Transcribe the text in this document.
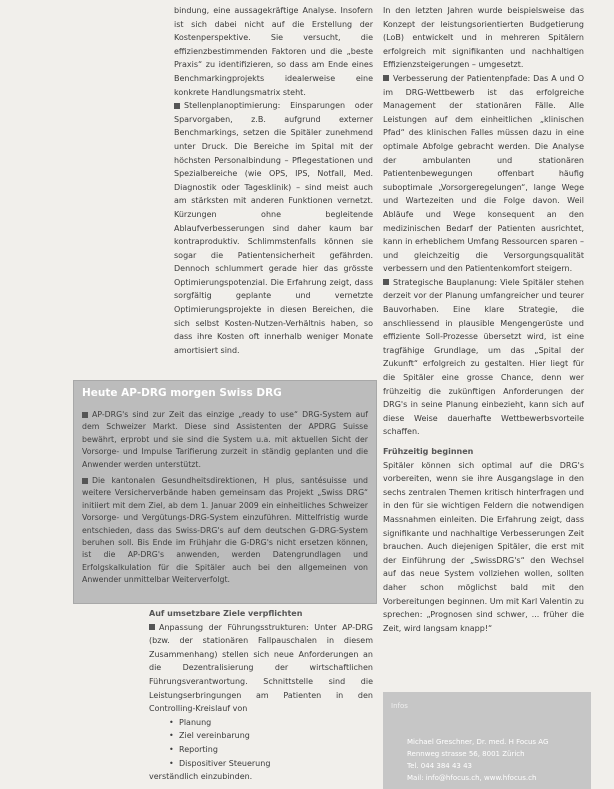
bindung, eine aussagekräftige Analyse. Insofern ist sich dabei nicht auf die Erstellung der Kostenperspektive. Sie versucht, die effizienzbestimmenden Faktoren und die „beste Praxis“ zu identifizieren, so dass am Ende eines Benchmarkingprojekts idealerweise eine konkrete Handlungsmatrix steht.

Stellenplanoptimierung: Einsparungen oder Sparvorgaben, z.B. aufgrund externer Benchmarkings, setzen die Spitäler zunehmend unter Druck. Die Bereiche im Spital mit der höchsten Personalbindung – Pflegestationen und Spezialbereiche (wie OPS, IPS, Notfall, Med. Diagnostik oder Tagesklinik) – sind meist auch am stärksten mit anderen Funktionen vernetzt. Kürzungen ohne begleitende Ablaufverbesserungen sind daher kaum bar kontraproduktiv. Schlimmstenfalls können sie sogar die Patientensicherheit gefährden. Dennoch schlummert gerade hier das grösste Optimierungspotenzial. Die Erfahrung zeigt, dass sorgfältig geplante und vernetzte Optimierungsprojekte in diesen Bereichen, die sich selbst Kosten-Nutzen-Verhältnis haben, so dass ihre Kosten oft innerhalb weniger Monate amortisiert sind.

Heute AP-DRG morgen Swiss DRG

AP-DRG's sind zur Zeit das einzige „ready to use“ DRG-System auf dem Schweizer Markt. Diese sind Assistenten der APDRG Suisse bewährt, erprobt und sie sind die System u.a. mit aktuellen Sicht der Vorsorge- und Impulse Tarifierung zurzeit in ständig geplanten und die Anwender werden unterstützt.

Die kantonalen Gesundheitsdirektionen, H plus, santésuisse und weitere Versicherverbände haben gemeinsam das Projekt „Swiss DRG“ initiiert mit dem Ziel, ab dem 1. Januar 2009 ein einheitliches Schweizer Vorsorge- und Vergütungs-DRG-System einzuführen. Mittelfristig wurde entschieden, dass das Swiss-DRG's auf dem deutschen G-DRG-System beruhen soll. Bis Ende im Frühjahr die G-DRG's nicht ersetzen können, ist die AP-DRG's anwenden, werden Datengrundlagen und Erfolgskalkulation für die Spitäler auch bei den allgemeinen von Anwender unmittelbar Weiterverfolgt.

Auf umsetzbare Ziele verpflichten

Anpassung der Führungsstrukturen: Unter AP-DRG (bzw. der stationären Fallpauschalen in diesem Zusammenhang) stellen sich neue Anforderungen an die Dezentralisierung der wirtschaftlichen Führungsverantwortung. Schnittstelle sind die Leistungserbringungen am Patienten in den Controlling-Kreislauf von

• Planung
• Ziel vereinbarung
• Reporting
• Dispositiver Steuerung

verständlich einzubinden.

In den letzten Jahren wurde beispielsweise das Konzept der leistungsorientierten Budgetierung (LoB) entwickelt und in mehreren Spitälern erfolgreich mit signifikanten und nachhaltigen Effizienzsteigerungen – umgesetzt.

Verbesserung der Patientenpfade: Das A und O im DRG-Wettbewerb ist das erfolgreiche Management der stationären Fälle. Alle Leistungen auf dem einheitlichen „klinischen Pfad“ des klinischen Falles müssen dazu in eine optimale Abfolge gebracht werden. Die Analyse der ambulanten und stationären Patientenbewegungen offenbart häufig suboptimale „Vorsorgeregelungen“, lange Wege und Wartezeiten und die Folge davon. Weil Abläufe und Wege konsequent an den medizinischen Bedarf der Patienten ausrichtet, kann in erheblichem Umfang Ressourcen sparen – und gleichzeitig die Versorgungsqualität verbessern und den Patientenkomfort steigern.

Strategische Bauplanung: Viele Spitäler stehen derzeit vor der Planung umfangreicher und teurer Bauvorhaben. Eine klare Strategie, die anschliessend in plausible Mengengerüste und effiziente Soll-Prozesse übersetzt wird, ist eine tragfähige Grundlage, um das „Spital der Zukunft“ erfolgreich zu gestalten. Hier liegt für die Spitäler eine grosse Chance, denn wer frühzeitig die zukünftigen Anforderungen der DRG's in seine Planung einbezieht, kann sich auf diese Weise dauerhafte Wettbewerbsvorteile schaffen.

Frühzeitig beginnen

Spitäler können sich optimal auf die DRG's vorbereiten, wenn sie ihre Ausgangslage in den sechs zentralen Themen kritisch hinterfragen und in den für sie wichtigen Feldern die notwendigen Massnahmen einleiten. Die Erfahrung zeigt, dass signifikante und nachhaltige Verbesserungen Zeit brauchen. Auch diejenigen Spitäler, die erst mit der Einführung der „SwissDRG's“ den Wechsel auf das neue System vollziehen wollen, sollten daher schon möglichst bald mit den Vorbereitungen beginnen. Um mit Karl Valentin zu sprechen: „Prognosen sind schwer, ... früher die Zeit, wird langsam knapp!“

Infos
Michael Greschner, Dr. med. H Focus AG
Rennweg strasse 56, 8001 Zürich
Tel. 044 384 43 43
Mail: info@hfocus.ch, www.hfocus.ch
